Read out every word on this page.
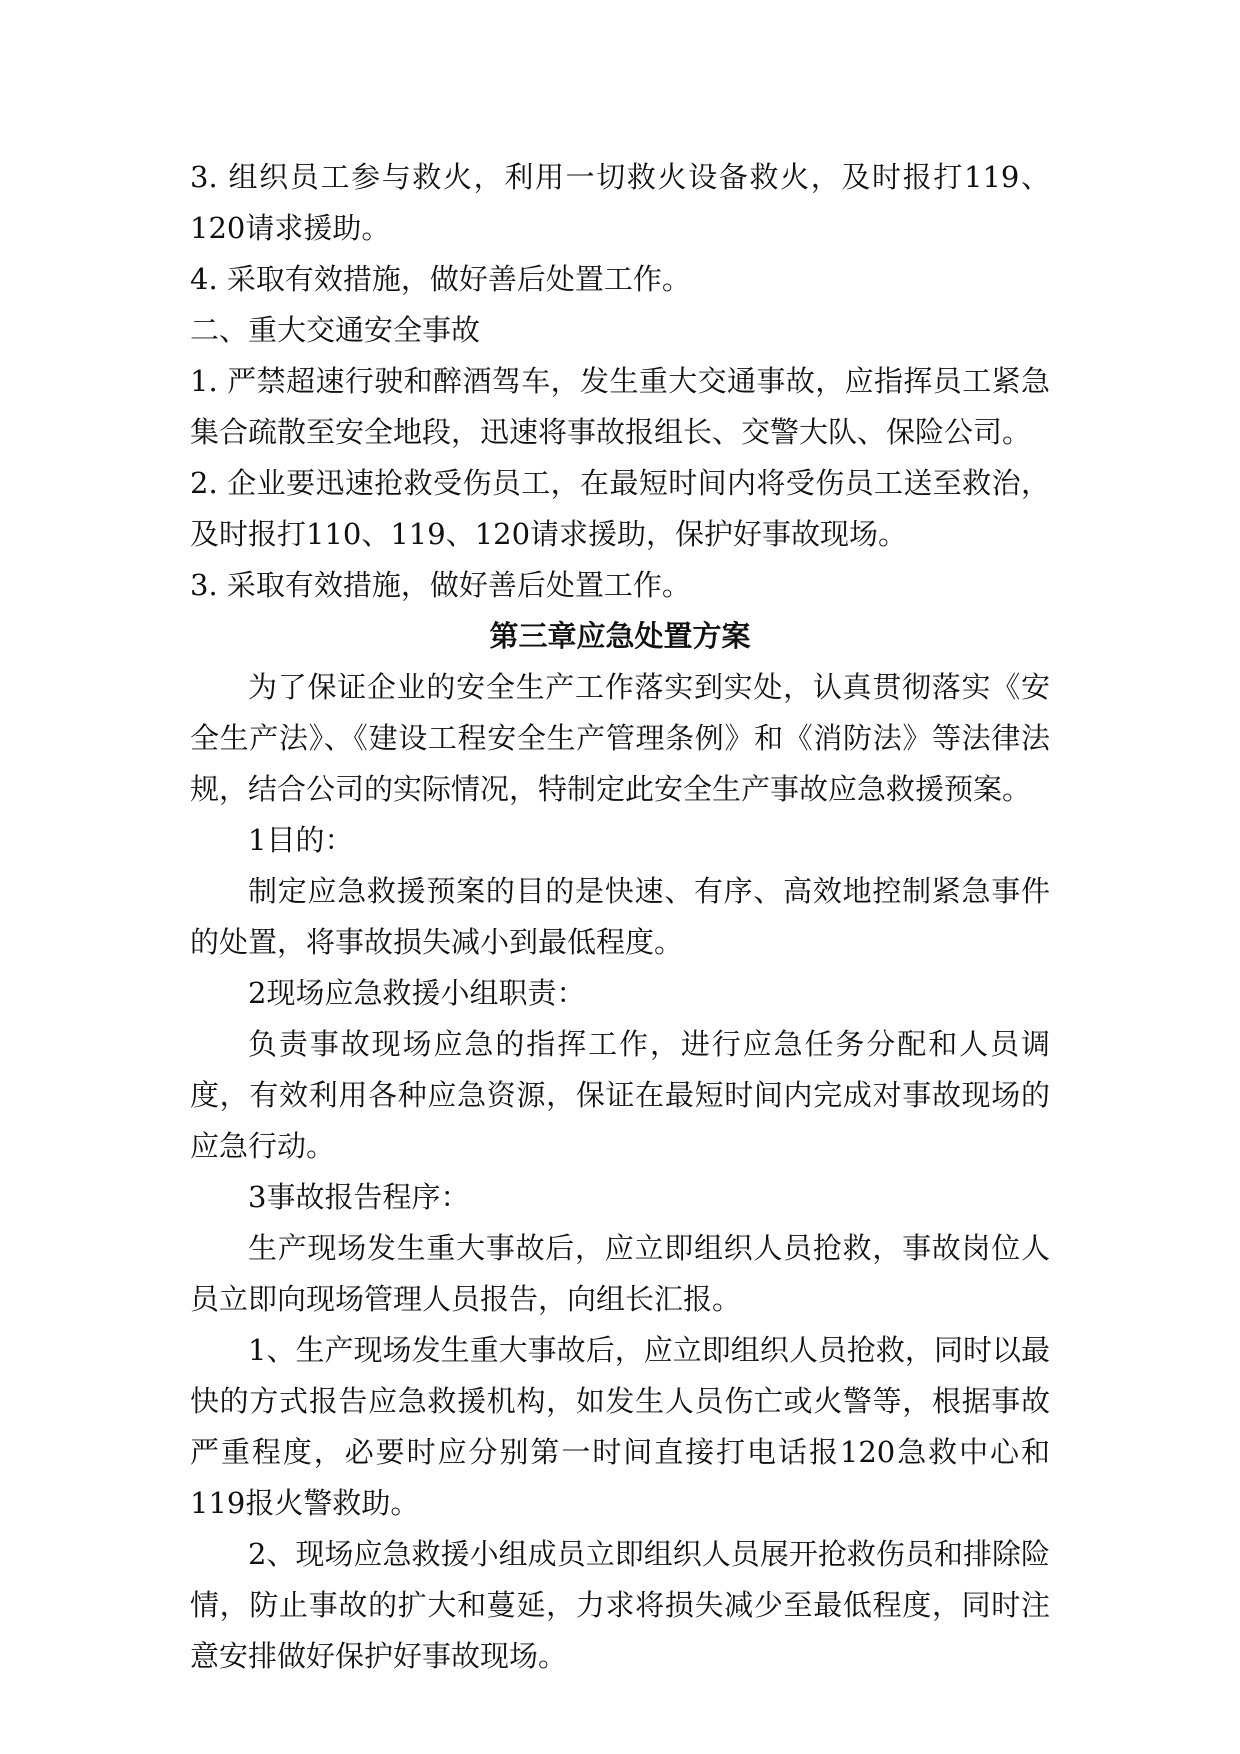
3. 组织员工参与救火，利用一切救火设备救火，及时报打119、120请求援助。

4. 采取有效措施，做好善后处置工作。

二、重大交通安全事故

1. 严禁超速行驶和醉酒驾车，发生重大交通事故，应指挥员工紧急集合疏散至安全地段，迅速将事故报组长、交警大队、保险公司。

2. 企业要迅速抢救受伤员工，在最短时间内将受伤员工送至救治，及时报打110、119、120请求援助，保护好事故现场。

3. 采取有效措施，做好善后处置工作。

第三章应急处置方案

为了保证企业的安全生产工作落实到实处，认真贯彻落实《安全生产法》、《建设工程安全生产管理条例》和《消防法》等法律法规，结合公司的实际情况，特制定此安全生产事故应急救援预案。

1目的：

制定应急救援预案的目的是快速、有序、高效地控制紧急事件的处置，将事故损失减小到最低程度。

2现场应急救援小组职责：

负责事故现场应急的指挥工作，进行应急任务分配和人员调度，有效利用各种应急资源，保证在最短时间内完成对事故现场的应急行动。

3事故报告程序：

生产现场发生重大事故后，应立即组织人员抢救，事故岗位人员立即向现场管理人员报告，向组长汇报。

1、生产现场发生重大事故后，应立即组织人员抢救，同时以最快的方式报告应急救援机构，如发生人员伤亡或火警等，根据事故严重程度，必要时应分别第一时间直接打电话报120急救中心和119报火警救助。

2、现场应急救援小组成员立即组织人员展开抢救伤员和排除险情，防止事故的扩大和蔓延，力求将损失减少至最低程度，同时注意安排做好保护好事故现场。
